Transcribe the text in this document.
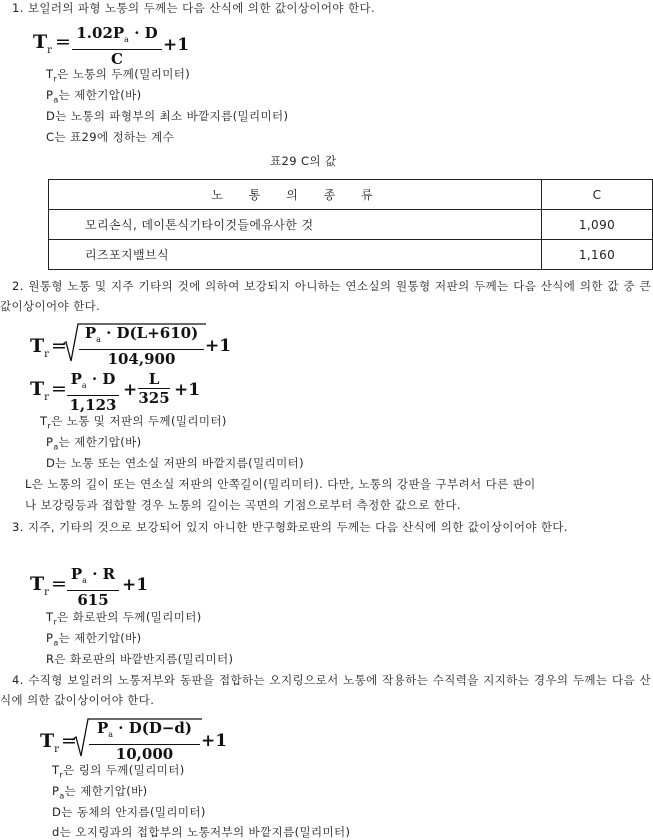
1. 보일러의 파형 노통의 두께는 다음 산식에 의한 값이상이어야 한다.
$T_r = 1.02P_a \cdot D$
C
+1
$T_r$은 노통의 두께(밀리미터)
$P_a$는 제한기압(바)
D는 노통의 파형부의 최소 바깥지름(밀리미터)
C는 표29에 정하는 계수
표29 C의 값
노 통 의 종 류	C
모리손식, 데이톤식기타이것들에유사한 것	1,090
리즈포지밸브식	1,160
2. 원통형 노통 및 지주 기타의 것에 의하여 보강되지 아니하는 연소실의 원통형 저판의 두께는 다음 산식에 의한 값 중 큰 값이상이어야 한다.
$T_r$ =
$P_a \cdot D(L+610)$
104,900
+1
$T_r = P_a \cdot D$
1,123
+
L
325 +1
$T_r$은 노통 및 저판의 두께(밀리미터)
$P_a$는 제한기압(바)
D는 노통 또는 연소실 저판의 바깥지름(밀리미터)
L은 노통의 길이 또는 연소실 저판의 안쪽길이(밀리미터). 다만, 노통의 강판을 구부려서 다른 판이
나 보강링등과 접합할 경우 노통의 길이는 곡면의 기점으로부터 측정한 값으로 한다.
3. 지주, 기타의 것으로 보강되어 있지 아니한 반구형화로판의 두께는 다음 산식에 의한 값이상이어야 한다.
$T_r = P_a \cdot R$
615
+1
$T_r$은 화로판의 두께(밀리미터)
$P_a$는 제한기압(바)
R은 화로판의 바깥반지름(밀리미터)
4. 수직형 보일러의 노통저부와 동판을 접합하는 오지링으로서 노통에 작용하는 수직력을 지지하는 경우의 두께는 다음 산식에 의한 값이상이어야 한다.
$T_r$ =
$P_a \cdot D(D-d)$
10,000
+1
$T_r$은 링의 두께(밀리미터)
$P_a$는 제한기압(바)
D는 동체의 안지름(밀리미터)
d는 오지링과의 접합부의 노통저부의 바깥지름(밀리미터)
